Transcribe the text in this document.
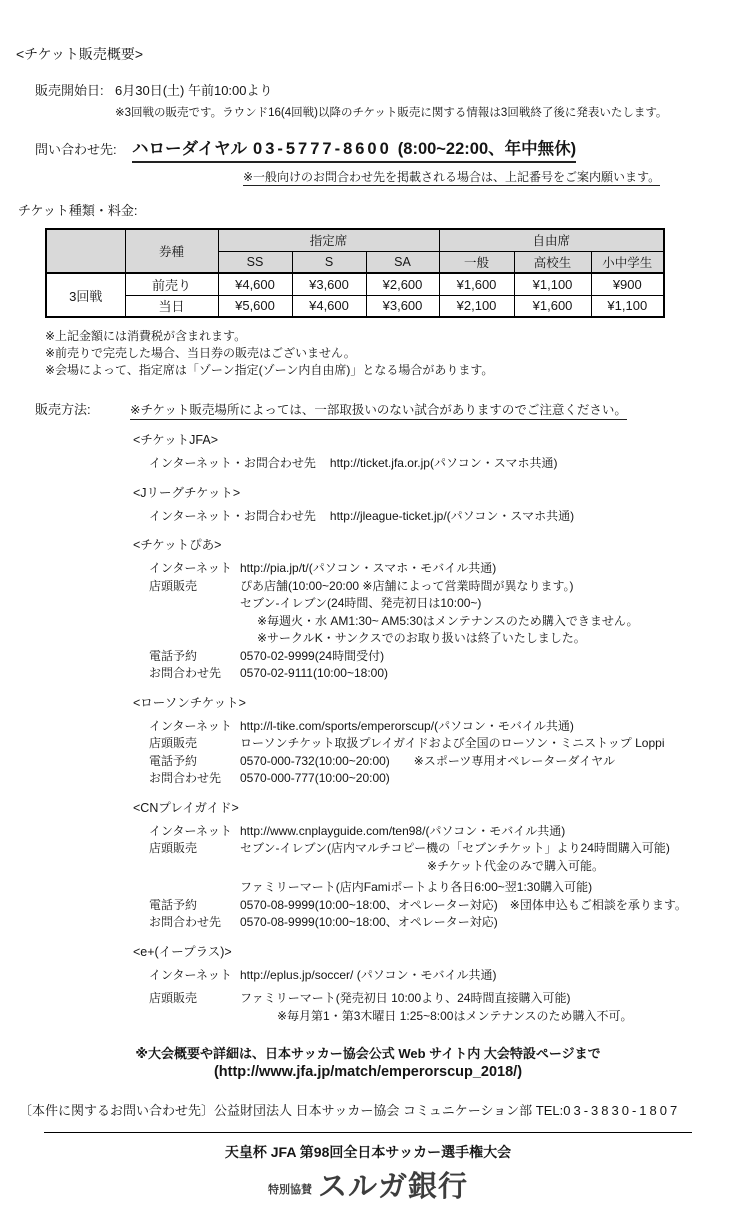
<チケット販売概要>
販売開始日: 6月30日(土) 午前10:00より
※3回戦の販売です。ラウンド16(4回戦)以降のチケット販売に関する情報は3回戦終了後に発表いたします。
問い合わせ先: ハローダイヤル 03-5777-8600 (8:00~22:00、年中無休)
※一般向けのお問合わせ先を掲載される場合は、上記番号をご案内願います。
チケット種類・料金:
	券種	指定席			自由席		
		SS	S	SA	一般	高校生	小中学生
3回戦	前売り	¥4,600	¥3,600	¥2,600	¥1,600	¥1,100	¥900
	当日	¥5,600	¥4,600	¥3,600	¥2,100	¥1,600	¥1,100
※上記金額には消費税が含まれます。
※前売りで完売した場合、当日券の販売はございません。
※会場によって、指定席は「ゾーン指定(ゾーン内自由席)」となる場合があります。
販売方法:	※チケット販売場所によっては、一部取扱いのない試合がありますのでご注意ください。
<チケットJFA>
インターネット・お問合わせ先 http://ticket.jfa.or.jp(パソコン・スマホ共通)
<Jリーグチケット>
インターネット・お問合わせ先 http://jleague-ticket.jp/(パソコン・スマホ共通)
<チケットぴあ>
インターネット http://pia.jp/t/(パソコン・スマホ・モバイル共通)
店頭販売	ぴあ店舗(10:00~20:00 ※店舗によって営業時間が異なります。)
セブン-イレブン(24時間、発売初日は10:00~)
※毎週火・水 AM1:30~ AM5:30はメンテナンスのため購入できません。
※サークルK・サンクスでのお取り扱いは終了いたしました。
電話予約	0570-02-9999(24時間受付)
お問合わせ先	0570-02-9111(10:00~18:00)
<ローソンチケット>
インターネット http://l-tike.com/sports/emperorscup/(パソコン・モバイル共通)
店頭販売	ローソンチケット取扱プレイガイドおよび全国のローソン・ミニストップ Loppi
電話予約	0570-000-732(10:00~20:00)　　※スポーツ専用オペレーターダイヤル
お問合わせ先	0570-000-777(10:00~20:00)
<CNプレイガイド>
インターネット http://www.cnplayguide.com/ten98/(パソコン・モバイル共通)
店頭販売	セブン-イレブン(店内マルチコピー機の「セブンチケット」より24時間購入可能)
※チケット代金のみで購入可能。
ファミリーマート(店内Famiポートより各日6:00~翌1:30購入可能)
電話予約	0570-08-9999(10:00~18:00、オペレーター対応)　※団体申込もご相談を承ります。
お問合わせ先	0570-08-9999(10:00~18:00、オペレーター対応)
<e+(イープラス)>
インターネット http://eplus.jp/soccer/ (パソコン・モバイル共通)
店頭販売	ファミリーマート(発売初日 10:00より、24時間直接購入可能)
※毎月第1・第3木曜日 1:25~8:00はメンテナンスのため購入不可。
※大会概要や詳細は、日本サッカー協会公式 Web サイト内 大会特設ページまで
(http://www.jfa.jp/match/emperorscup_2018/)
〔本件に関するお問い合わせ先〕公益財団法人 日本サッカー協会 コミュニケーション部 TEL:03-3830-1807
天皇杯 JFA 第98回全日本サッカー選手権大会
特別協賛 スルガ銀行
